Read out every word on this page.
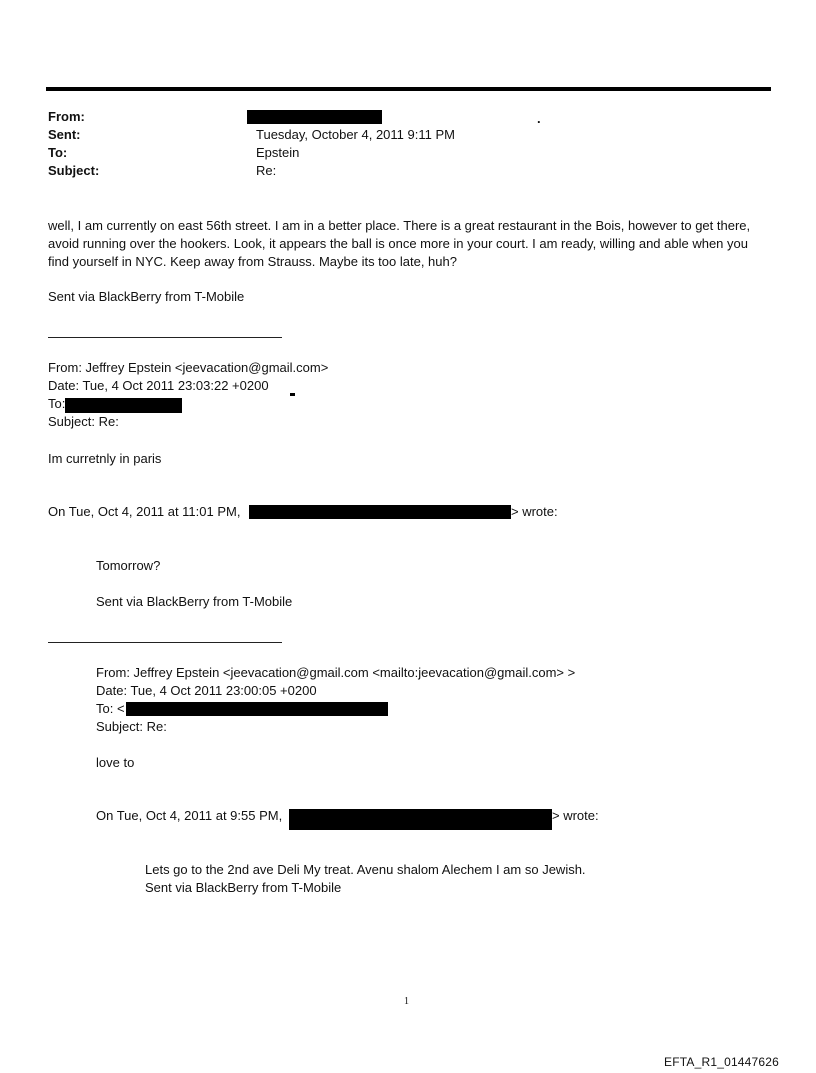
From:	.
Sent:	Tuesday, October 4, 2011 9:11 PM
To:	Epstein
Subject:	Re:
well, I am currently on east 56th street. I am in a better place. There is a great restaurant in the Bois, however to get there, avoid running over the hookers. Look, it appears the ball is once more in your court. I am ready, willing and able when you find yourself in NYC. Keep away from Strauss. Maybe its too late, huh?
Sent via BlackBerry from T-Mobile
From: Jeffrey Epstein <jeevacation@gmail.com>
Date: Tue, 4 Oct 2011 23:03:22 +0200
To:
Subject: Re:
Im curretnly in paris
On Tue, Oct 4, 2011 at 11:01 PM,	> wrote:
Tomorrow?
Sent via BlackBerry from T-Mobile
From: Jeffrey Epstein <jeevacation@gmail.com <mailto:jeevacation@gmail.com> >
Date: Tue, 4 Oct 2011 23:00:05 +0200
To: <
Subject: Re:
love to
On Tue, Oct 4, 2011 at 9:55 PM,	> wrote:
Lets go to the 2nd ave Deli My treat. Avenu shalom Alechem I am so Jewish.
Sent via BlackBerry from T-Mobile
1
EFTA_R1_01447626
